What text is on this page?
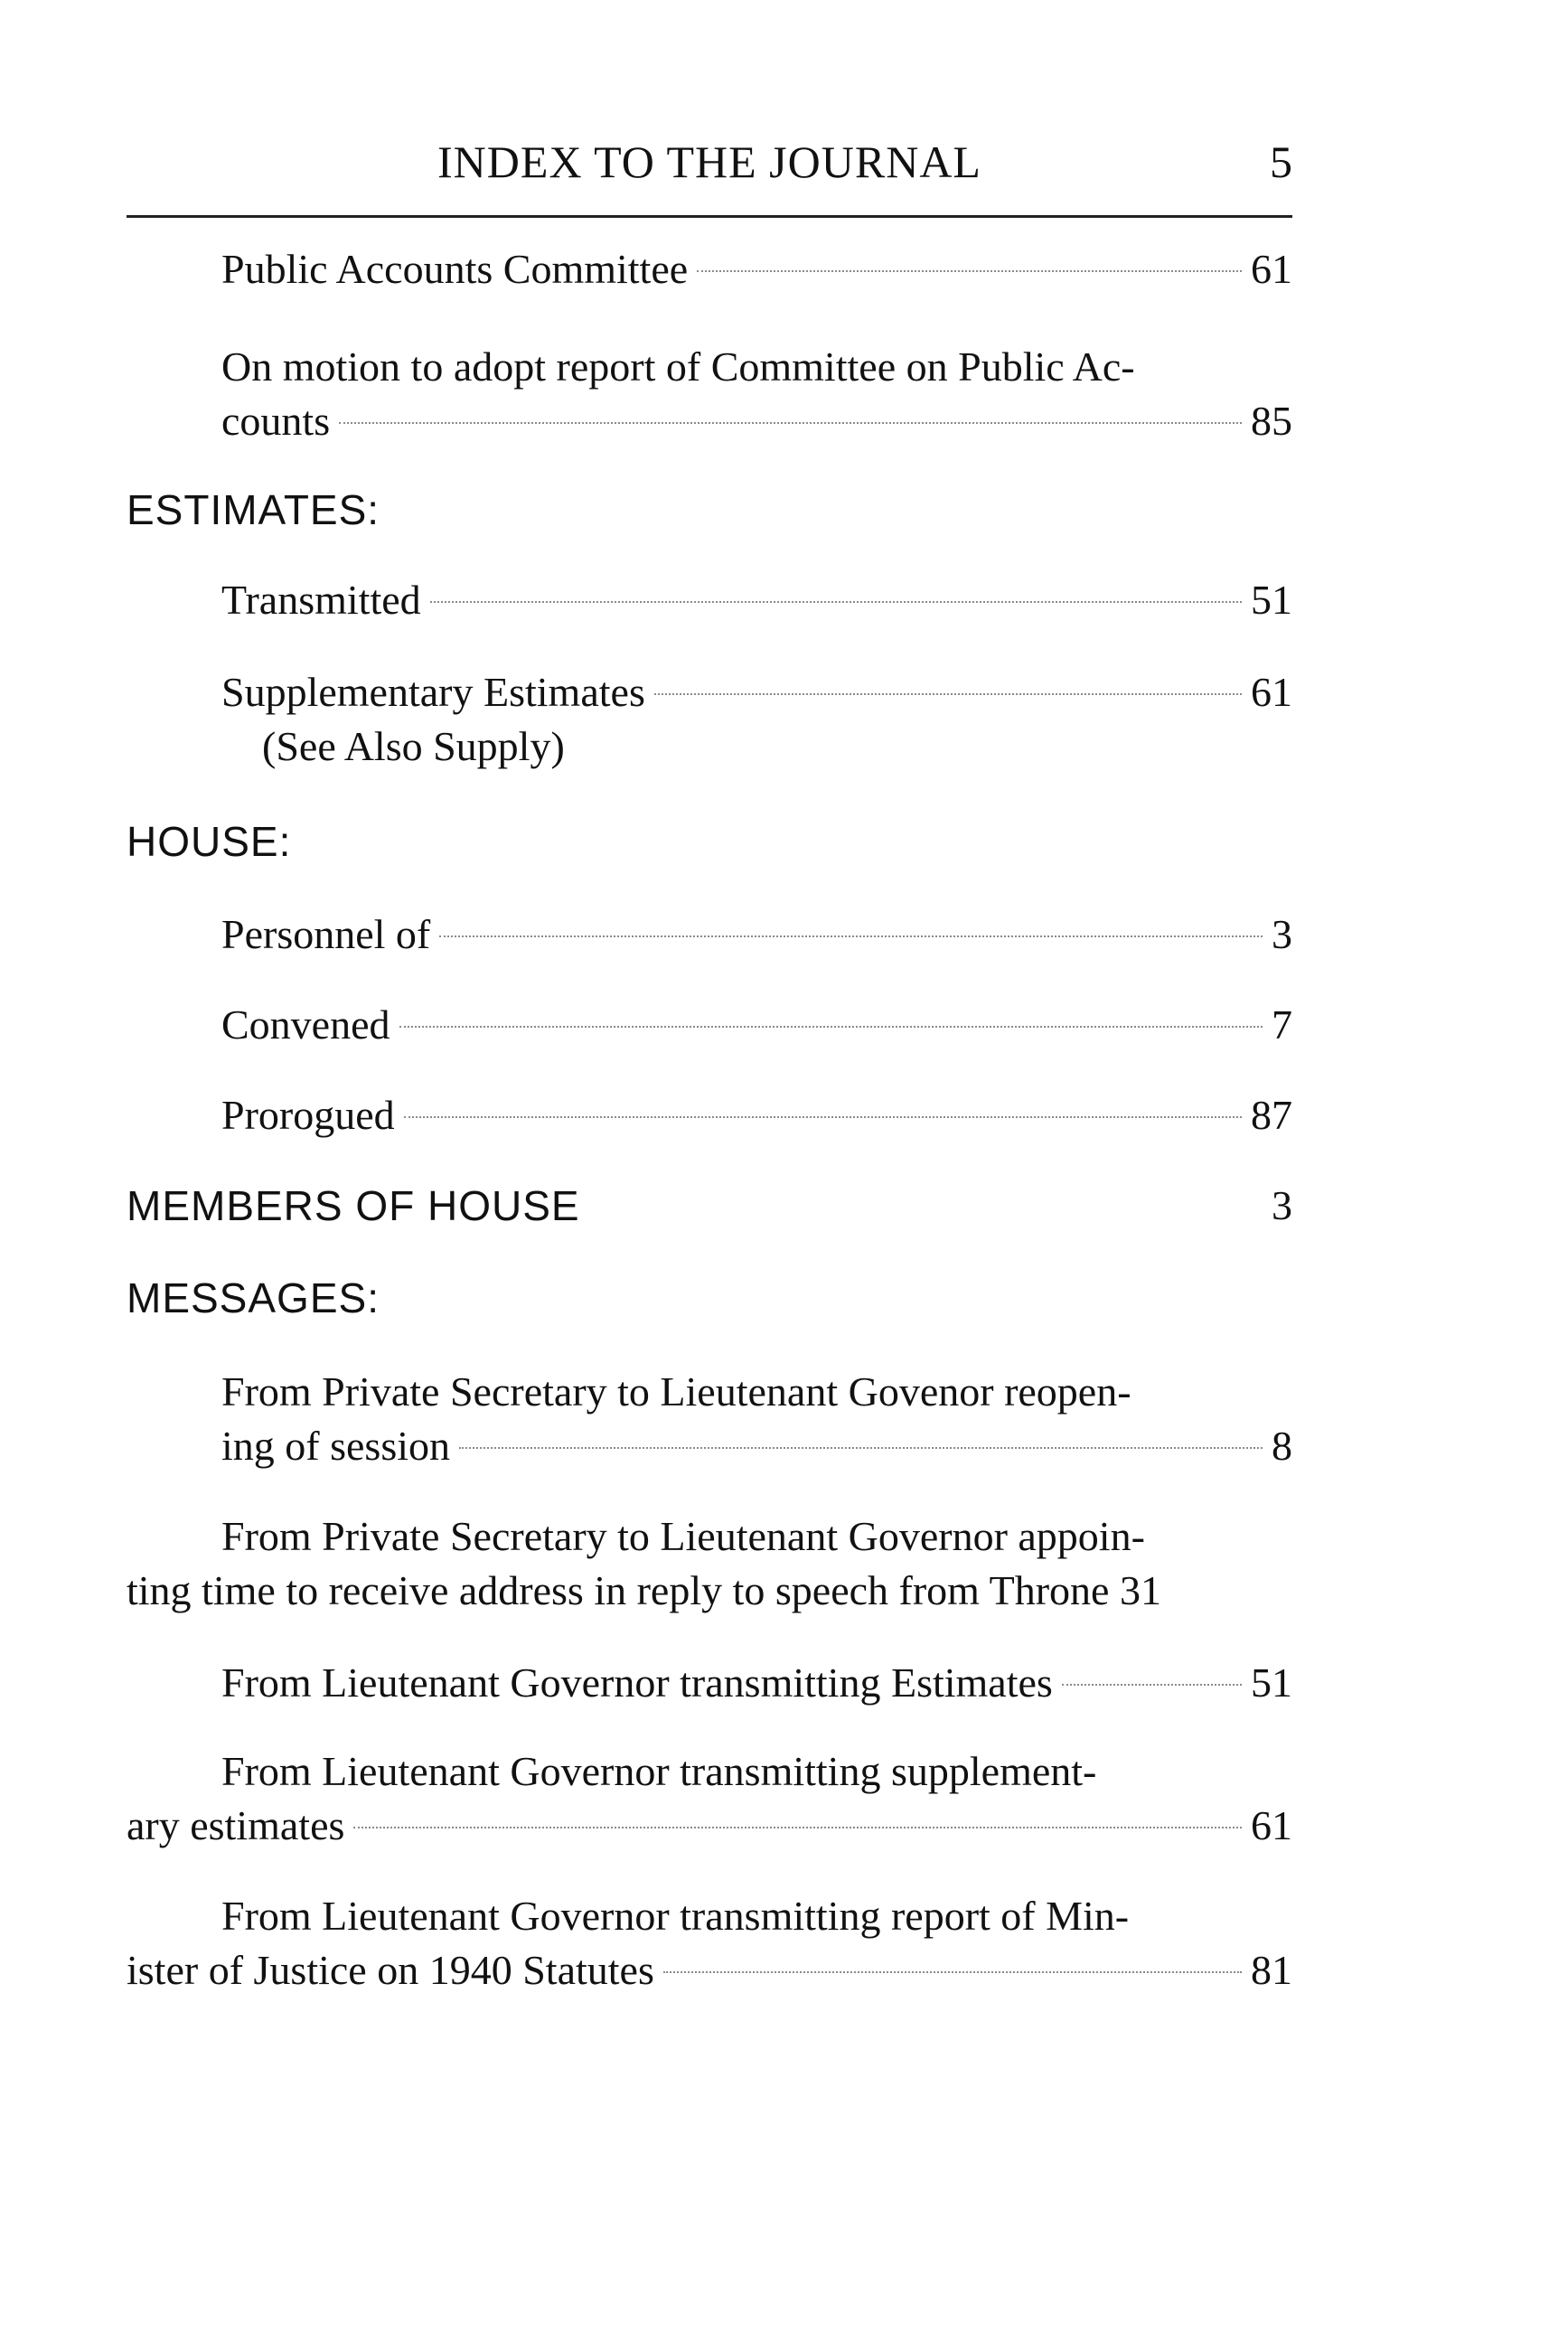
INDEX TO THE JOURNAL	5
Public Accounts Committee	61
On motion to adopt report of Committee on Public Ac-
counts	85
ESTIMATES:
Transmitted	51
Supplementary Estimates	61
(See Also Supply)
HOUSE:
Personnel of	3
Convened	7
Prorogued	87
MEMBERS OF HOUSE	3
MESSAGES:
From Private Secretary to Lieutenant Govenor reopen-
ing of session	8
From Private Secretary to Lieutenant Governor appoin-
ting time to receive address in reply to speech from Throne 31
From Lieutenant Governor transmitting Estimates	51
From Lieutenant Governor transmitting supplement-
ary estimates	61
From Lieutenant Governor transmitting report of Min-
ister of Justice on 1940 Statutes	81
